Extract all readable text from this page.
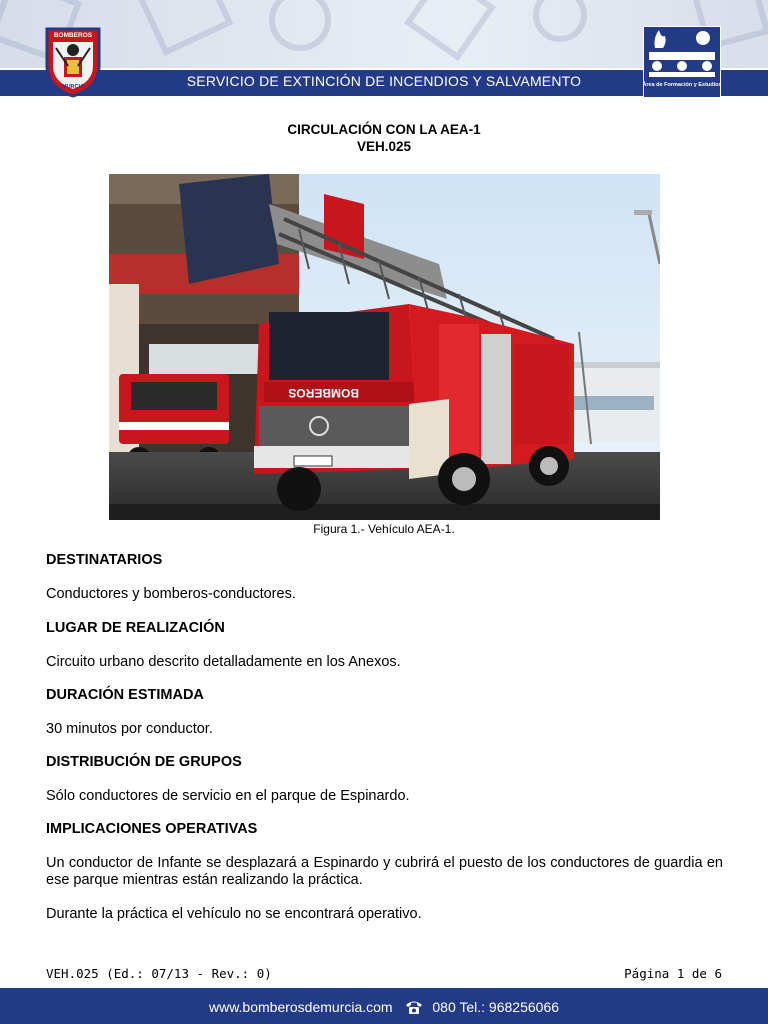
SERVICIO DE EXTINCIÓN DE INCENDIOS Y SALVAMENTO
BOMBEROS
MURCIA	Área de Formación y Estudios
CIRCULACIÓN CON LA AEA-1
VEH.025
BOMBEROS
Figura 1.- Vehículo AEA-1.
DESTINATARIOS
Conductores y bomberos-conductores.
LUGAR DE REALIZACIÓN
Circuito urbano descrito detalladamente en los Anexos.
DURACIÓN ESTIMADA
30 minutos por conductor.
DISTRIBUCIÓN DE GRUPOS
Sólo conductores de servicio en el parque de Espinardo.
IMPLICACIONES OPERATIVAS
Un conductor de Infante se desplazará a Espinardo y cubrirá el puesto de los conductores de guardia en ese parque mientras están realizando la práctica.
Durante la práctica el vehículo no se encontrará operativo.
VEH.025 (Ed.: 07/13 - Rev.: 0)	Página 1 de 6
www.bomberosdemurcia.com	080 Tel.: 968256066
